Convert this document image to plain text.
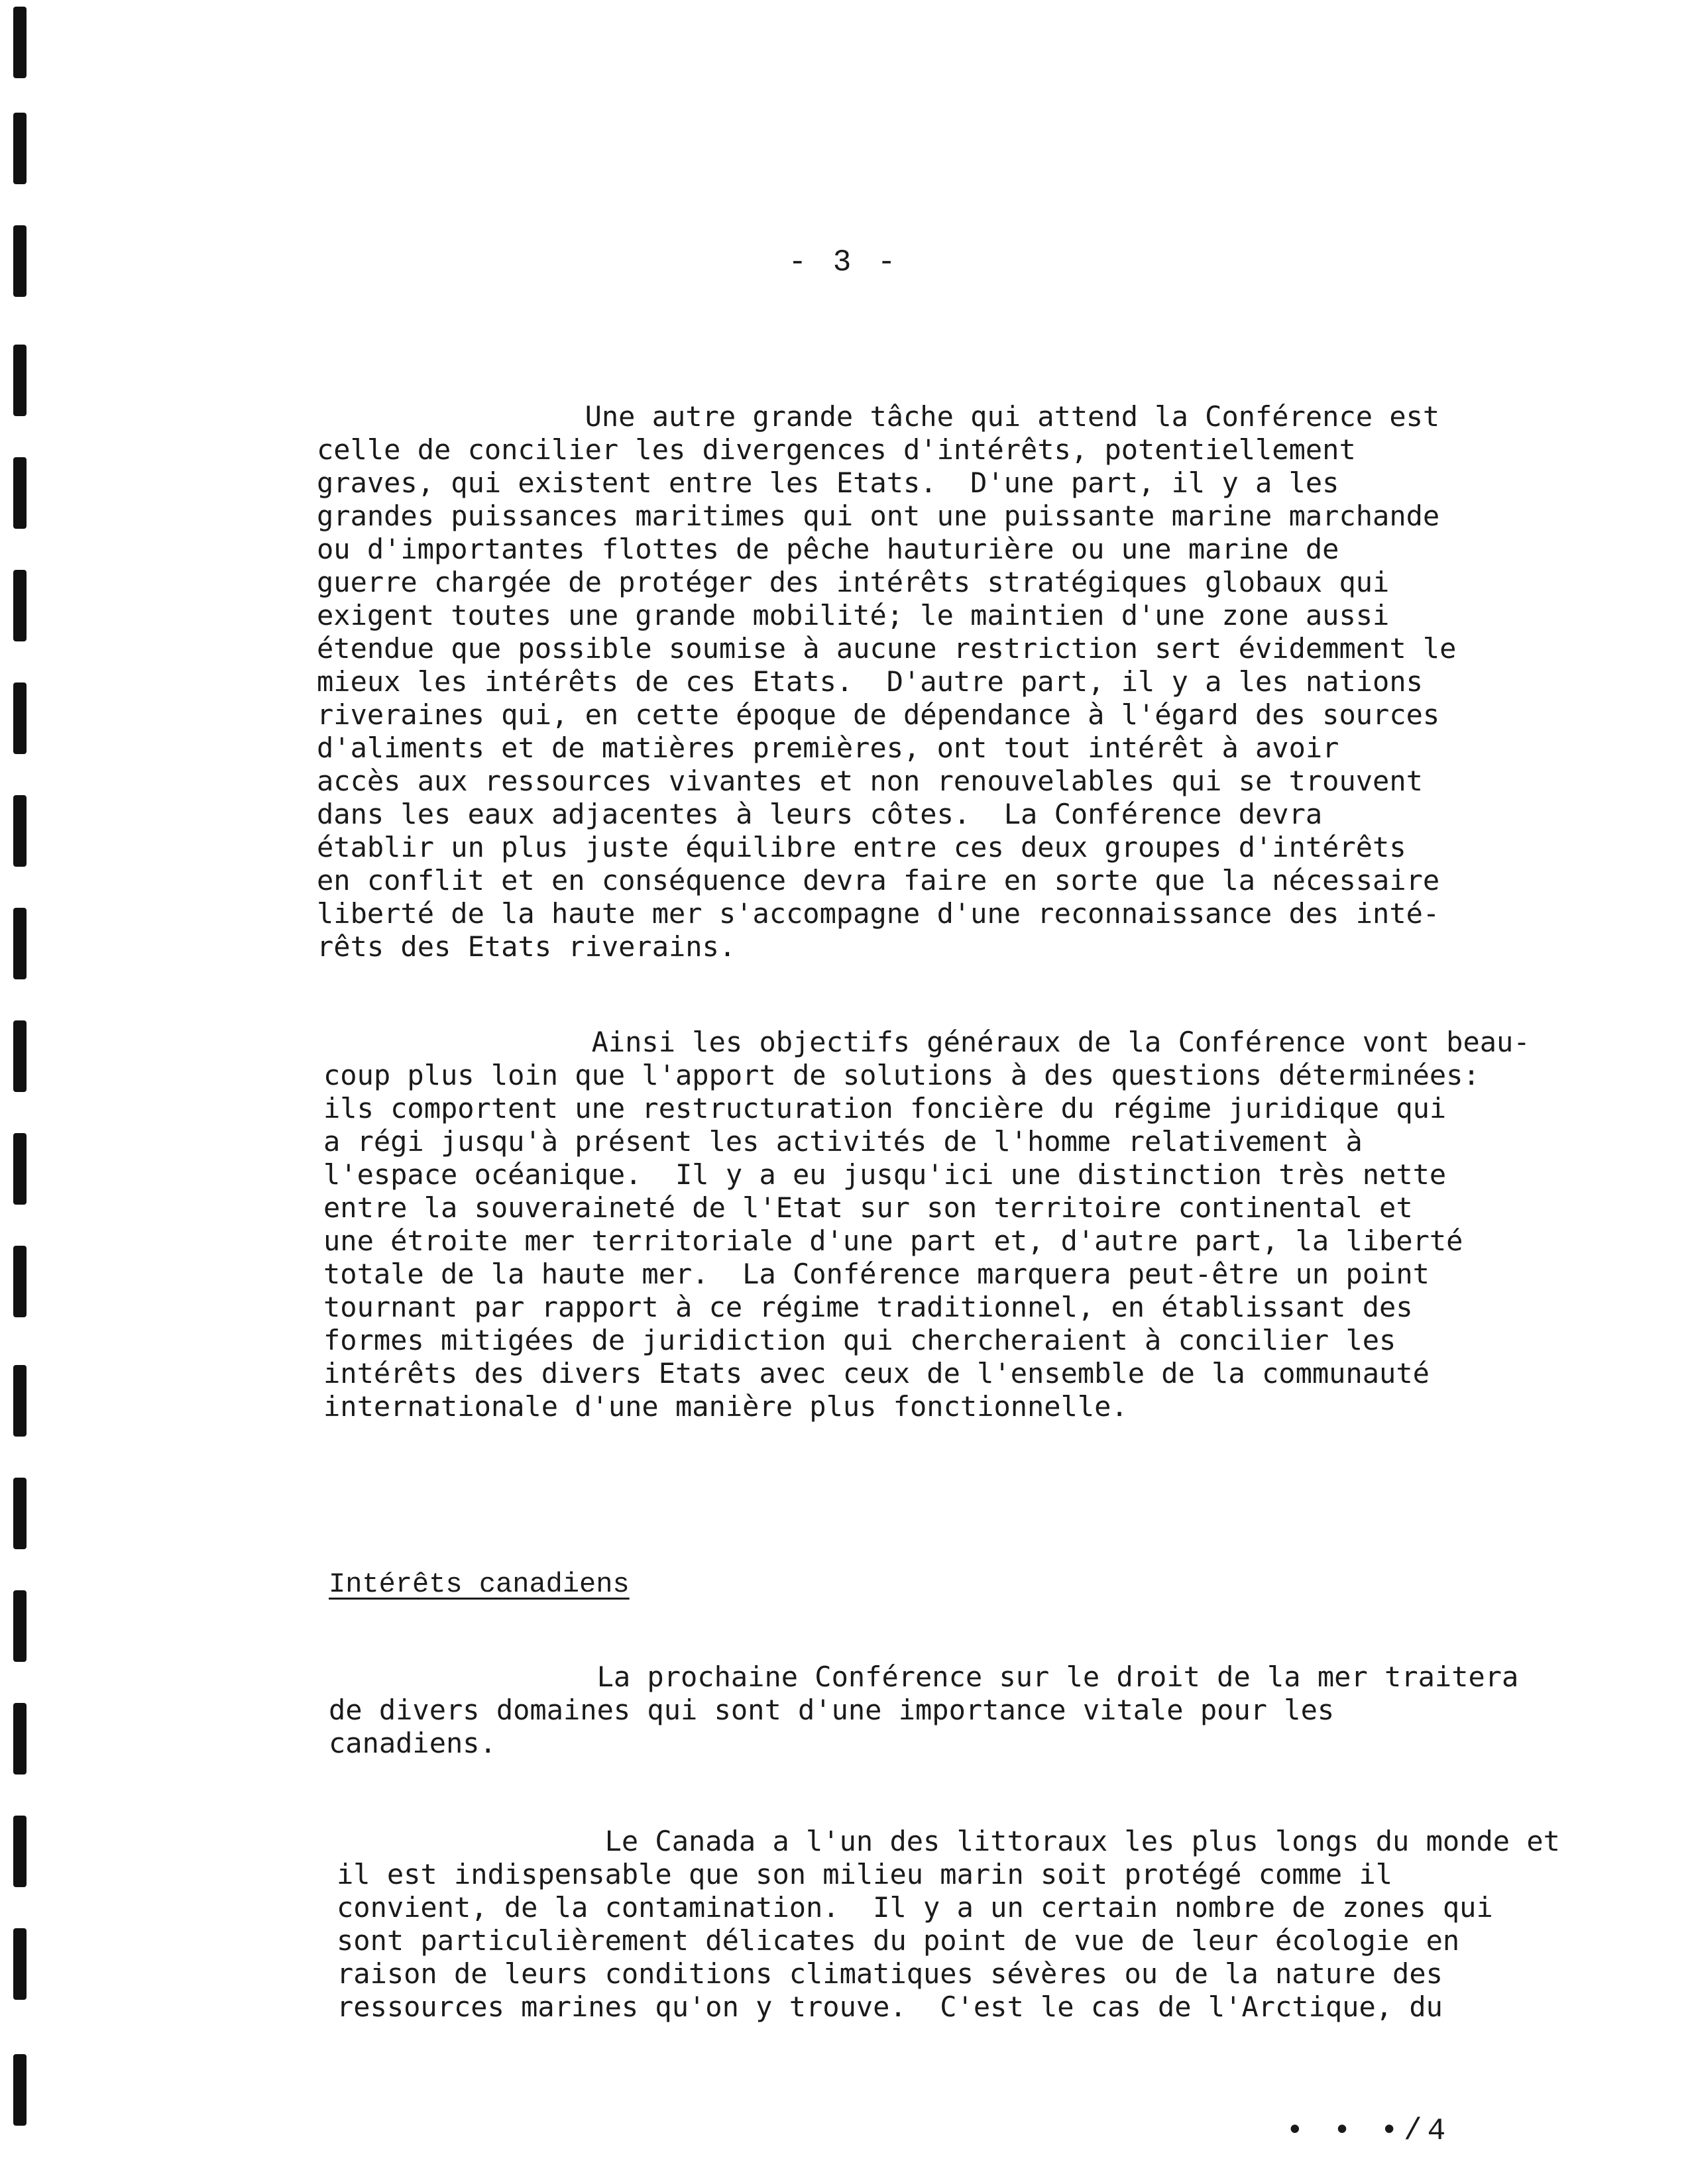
- 3 -
Une autre grande tâche qui attend la Conférence est
celle de concilier les divergences d'intérêts, potentiellement
graves, qui existent entre les Etats.  D'une part, il y a les
grandes puissances maritimes qui ont une puissante marine marchande
ou d'importantes flottes de pêche hauturière ou une marine de
guerre chargée de protéger des intérêts stratégiques globaux qui
exigent toutes une grande mobilité; le maintien d'une zone aussi
étendue que possible soumise à aucune restriction sert évidemment le
mieux les intérêts de ces Etats.  D'autre part, il y a les nations
riveraines qui, en cette époque de dépendance à l'égard des sources
d'aliments et de matières premières, ont tout intérêt à avoir
accès aux ressources vivantes et non renouvelables qui se trouvent
dans les eaux adjacentes à leurs côtes.  La Conférence devra
établir un plus juste équilibre entre ces deux groupes d'intérêts
en conflit et en conséquence devra faire en sorte que la nécessaire
liberté de la haute mer s'accompagne d'une reconnaissance des inté-
rêts des Etats riverains.
Ainsi les objectifs généraux de la Conférence vont beau-
coup plus loin que l'apport de solutions à des questions déterminées:
ils comportent une restructuration foncière du régime juridique qui
a régi jusqu'à présent les activités de l'homme relativement à
l'espace océanique.  Il y a eu jusqu'ici une distinction très nette
entre la souveraineté de l'Etat sur son territoire continental et
une étroite mer territoriale d'une part et, d'autre part, la liberté
totale de la haute mer.  La Conférence marquera peut-être un point
tournant par rapport à ce régime traditionnel, en établissant des
formes mitigées de juridiction qui chercheraient à concilier les
intérêts des divers Etats avec ceux de l'ensemble de la communauté
internationale d'une manière plus fonctionnelle.
Intérêts canadiens
La prochaine Conférence sur le droit de la mer traitera
de divers domaines qui sont d'une importance vitale pour les
canadiens.
Le Canada a l'un des littoraux les plus longs du monde et
il est indispensable que son milieu marin soit protégé comme il
convient, de la contamination.  Il y a un certain nombre de zones qui
sont particulièrement délicates du point de vue de leur écologie en
raison de leurs conditions climatiques sévères ou de la nature des
ressources marines qu'on y trouve.  C'est le cas de l'Arctique, du
• • •/4
